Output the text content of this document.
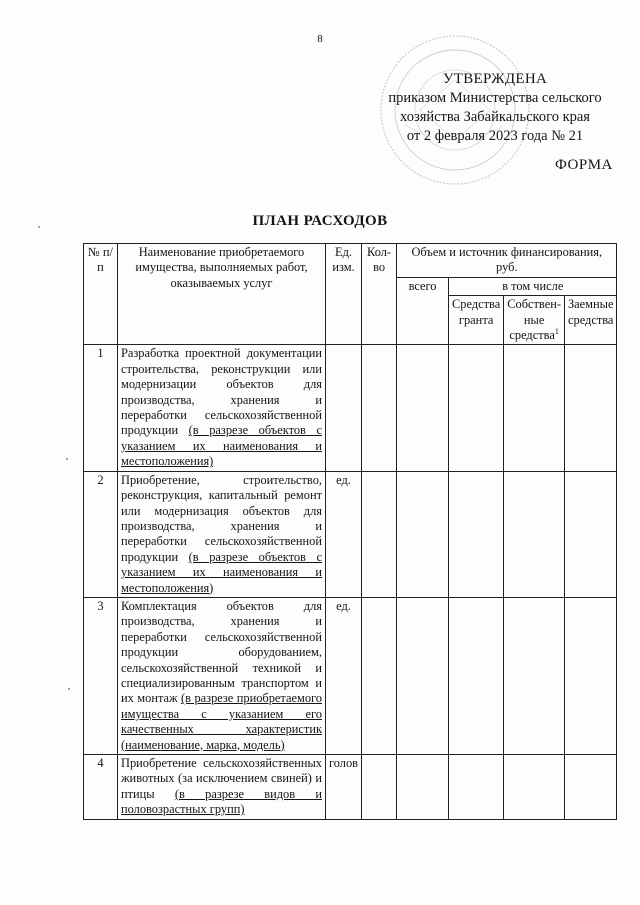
8
УТВЕРЖДЕНА
приказом Министерства сельского
хозяйства Забайкальского края
от 2 февраля 2023 года № 21
ФОРМА
ПЛАН РАСХОДОВ
№ п/п	Наименование приобретаемого имущества, выполняемых работ, оказываемых услуг	Ед. изм.	Кол-во	Объем и источник финансирования, руб.			
				всего	в том числе		
					Средства гранта	Собствен-ные средства$^1$	Заемные средства
1	Разработка проектной документации строительства, реконструкции или модернизации объектов для производства, хранения и переработки сельскохозяйственной продукции (в разрезе объектов с указанием их наименования и местоположения)						
2	Приобретение, строительство, реконструкция, капитальный ремонт или модернизация объектов для производства, хранения и переработки сельскохозяйственной продукции (в разрезе объектов с указанием их наименования и местоположения)	ед.					
3	Комплектация объектов для производства, хранения и переработки сельскохозяйственной продукции оборудованием, сельскохозяйственной техникой и специализированным транспортом и их монтаж (в разрезе приобретаемого имущества с указанием его качественных характеристик (наименование, марка, модель)	ед.					
4	Приобретение сельскохозяйственных животных (за исключением свиней) и птицы (в разрезе видов и половозрастных групп)	голов					
